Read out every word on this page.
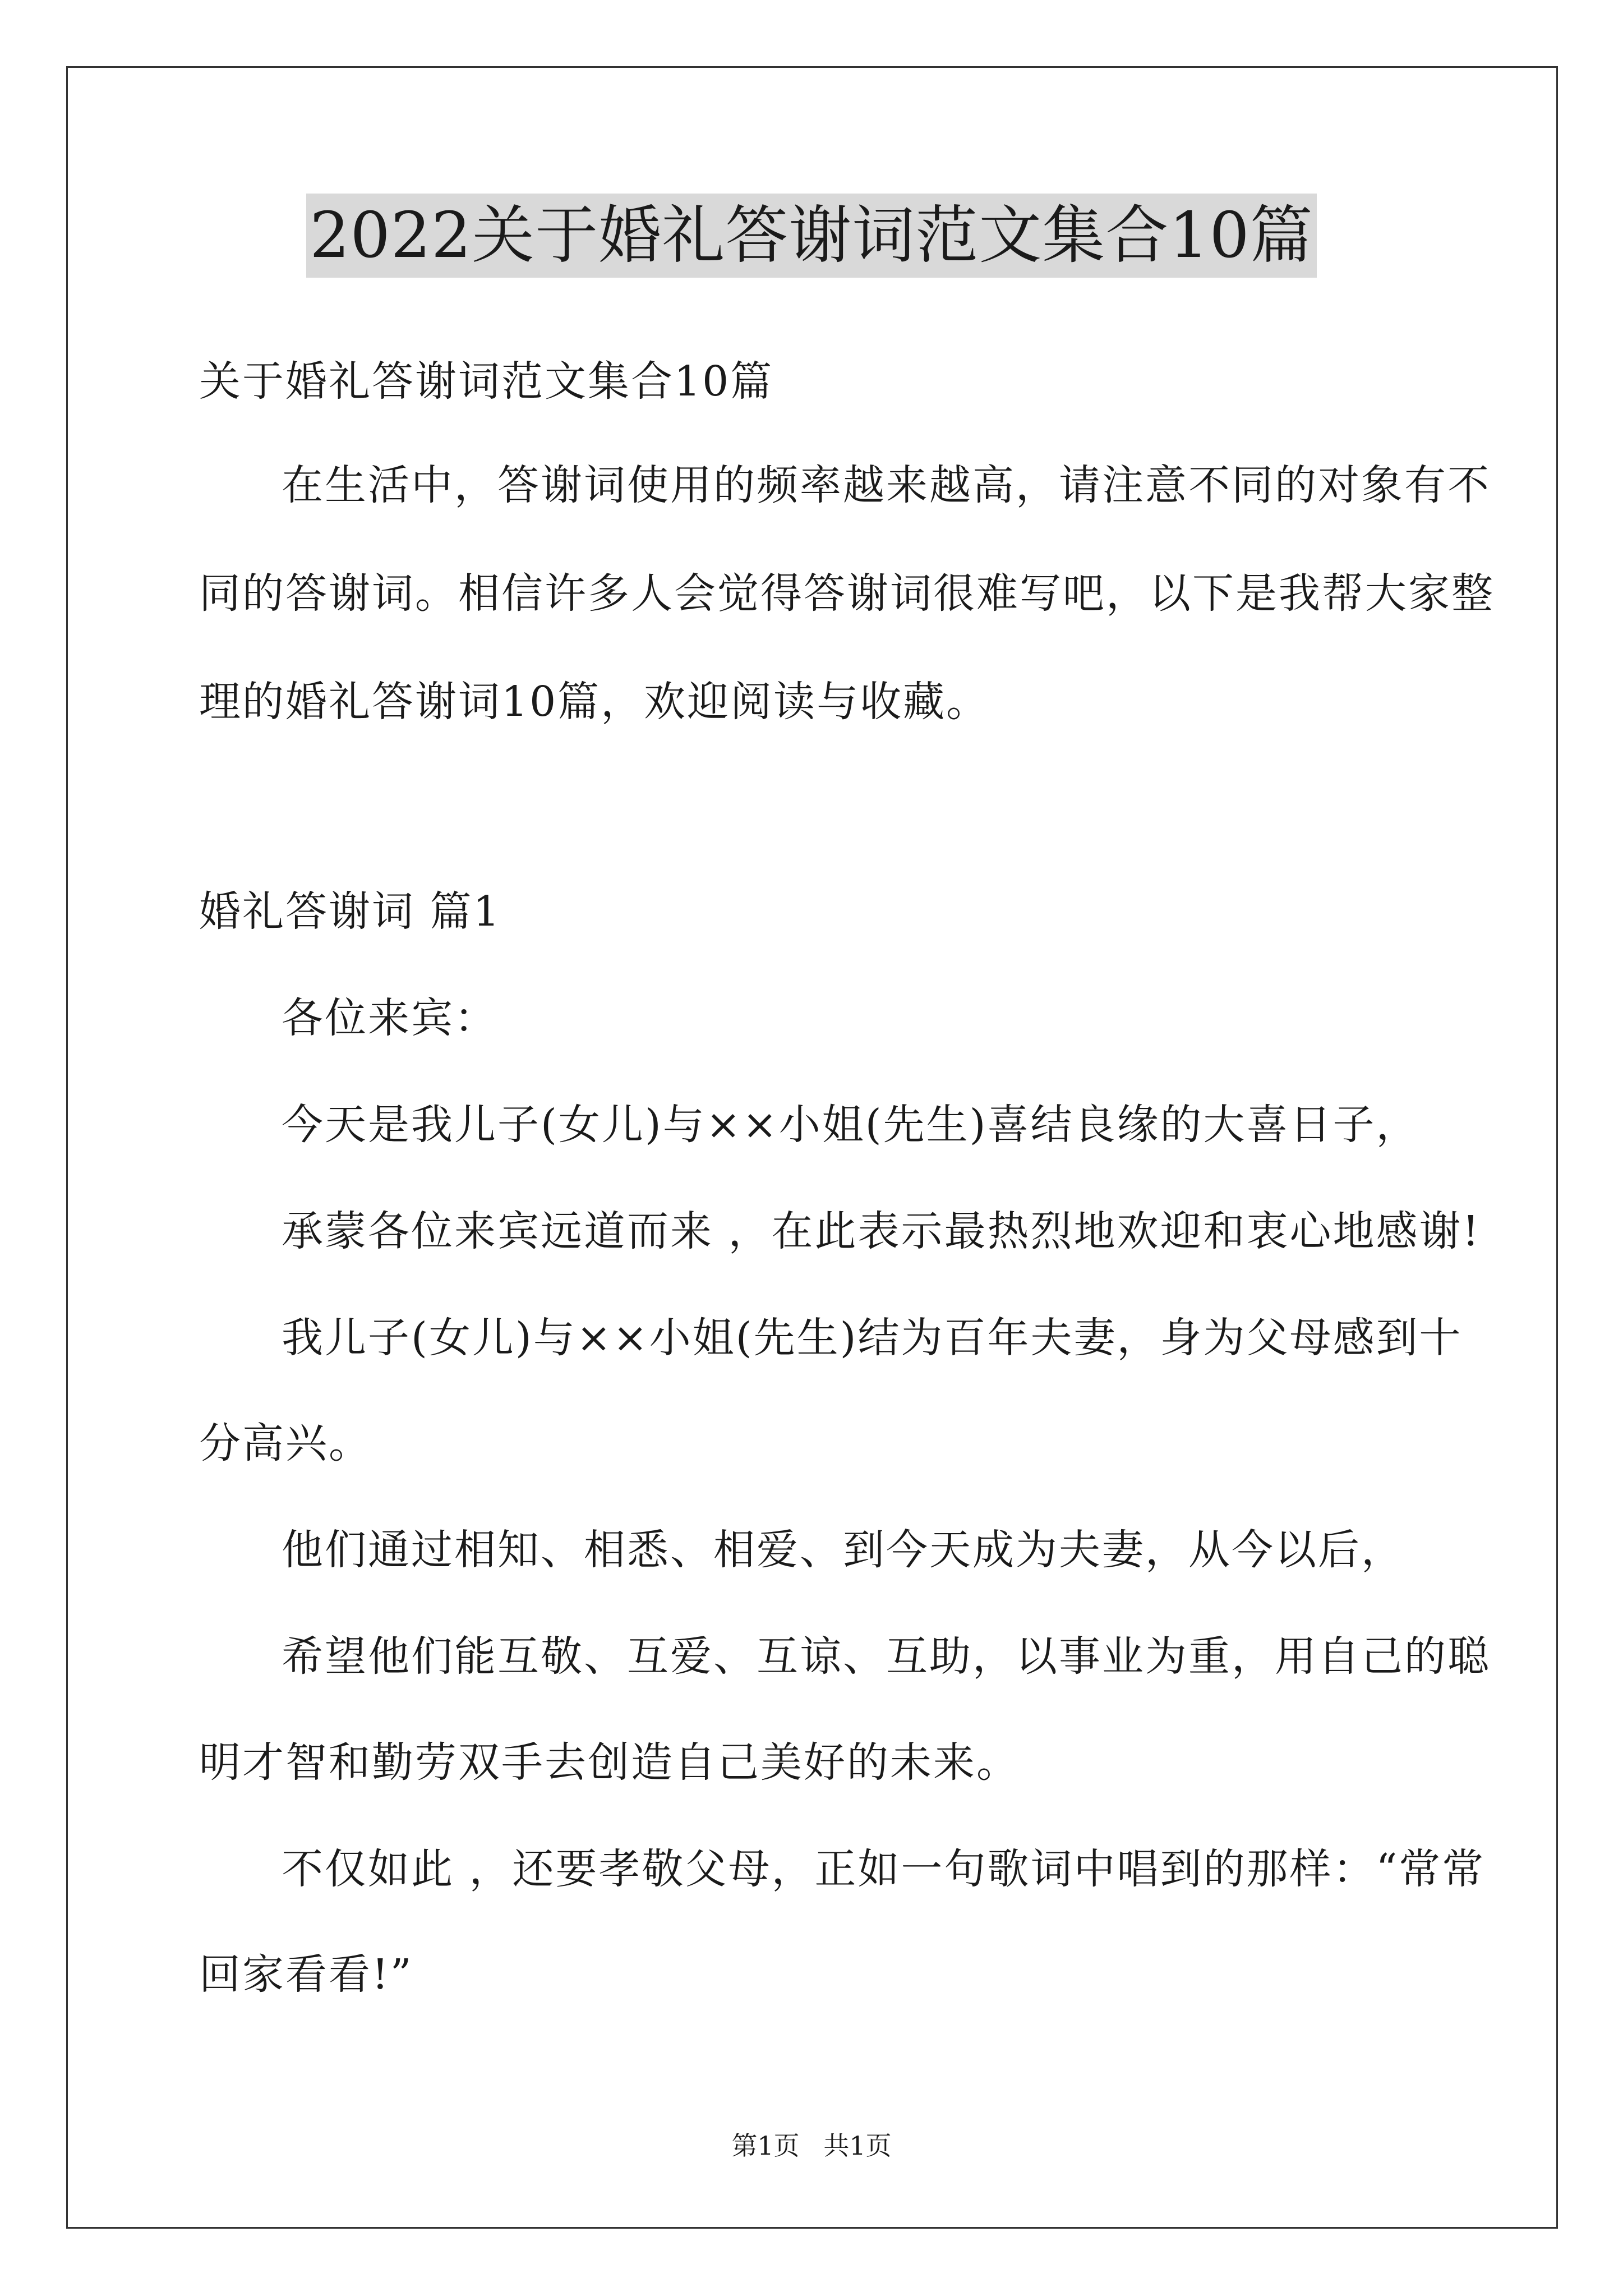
2022关于婚礼答谢词范文集合10篇
关于婚礼答谢词范文集合10篇
在生活中，答谢词使用的频率越来越高，请注意不同的对象有不
同的答谢词。相信许多人会觉得答谢词很难写吧，以下是我帮大家整
理的婚礼答谢词10篇，欢迎阅读与收藏。
婚礼答谢词 篇1
各位来宾：
今天是我儿子(女儿)与××小姐(先生)喜结良缘的大喜日子，
承蒙各位来宾远道而来 ，在此表示最热烈地欢迎和衷心地感谢!
我儿子(女儿)与××小姐(先生)结为百年夫妻，身为父母感到十
分高兴。
他们通过相知、相悉、相爱、到今天成为夫妻，从今以后，
希望他们能互敬、互爱、互谅、互助，以事业为重，用自己的聪
明才智和勤劳双手去创造自己美好的未来。
不仅如此 ，还要孝敬父母，正如一句歌词中唱到的那样：“常常
回家看看!”
第1页 共1页
